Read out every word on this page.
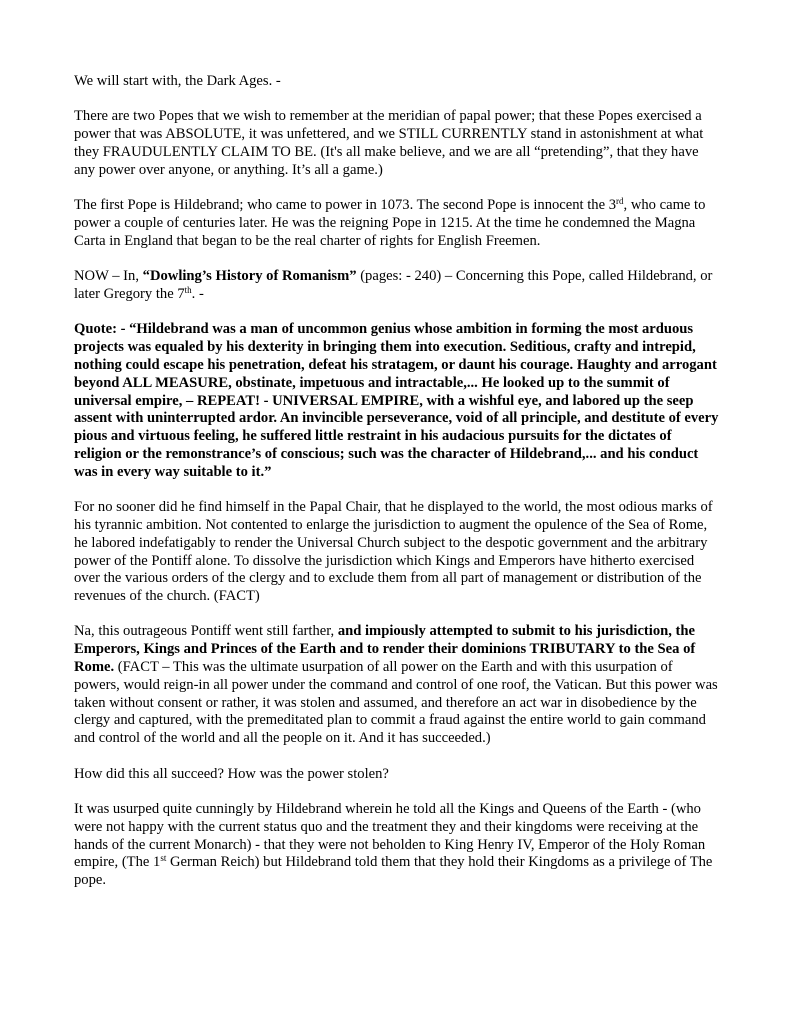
We will start with, the Dark Ages. -

There are two Popes that we wish to remember at the meridian of papal power; that these Popes exercised a power that was ABSOLUTE, it was unfettered, and we STILL CURRENTLY stand in astonishment at what they FRAUDULENTLY CLAIM TO BE. (It's all make believe, and we are all “pretending”, that they have any power over anyone, or anything. It’s all a game.)

The first Pope is Hildebrand; who came to power in 1073. The second Pope is innocent the 3rd, who came to power a couple of centuries later. He was the reigning Pope in 1215. At the time he condemned the Magna Carta in England that began to be the real charter of rights for English Freemen.

NOW – In, “Dowling’s History of Romanism” (pages: - 240) – Concerning this Pope, called Hildebrand, or later Gregory the 7th. -

Quote: - “Hildebrand was a man of uncommon genius whose ambition in forming the most arduous projects was equaled by his dexterity in bringing them into execution. Seditious, crafty and intrepid, nothing could escape his penetration, defeat his stratagem, or daunt his courage. Haughty and arrogant beyond ALL MEASURE, obstinate, impetuous and intractable,... He looked up to the summit of universal empire, – REPEAT! - UNIVERSAL EMPIRE, with a wishful eye, and labored up the seep assent with uninterrupted ardor. An invincible perseverance, void of all principle, and destitute of every pious and virtuous feeling, he suffered little restraint in his audacious pursuits for the dictates of religion or the remonstrance’s of conscious; such was the character of Hildebrand,... and his conduct was in every way suitable to it.”

For no sooner did he find himself in the Papal Chair, that he displayed to the world, the most odious marks of his tyrannic ambition. Not contented to enlarge the jurisdiction to augment the opulence of the Sea of Rome, he labored indefatigably to render the Universal Church subject to the despotic government and the arbitrary power of the Pontiff alone. To dissolve the jurisdiction which Kings and Emperors have hitherto exercised over the various orders of the clergy and to exclude them from all part of management or distribution of the revenues of the church. (FACT)

Na, this outrageous Pontiff went still farther, and impiously attempted to submit to his jurisdiction, the Emperors, Kings and Princes of the Earth and to render their dominions TRIBUTARY to the Sea of Rome. (FACT – This was the ultimate usurpation of all power on the Earth and with this usurpation of powers, would reign-in all power under the command and control of one roof, the Vatican. But this power was taken without consent or rather, it was stolen and assumed, and therefore an act war in disobedience by the clergy and captured, with the premeditated plan to commit a fraud against the entire world to gain command and control of the world and all the people on it. And it has succeeded.)

How did this all succeed? How was the power stolen?

It was usurped quite cunningly by Hildebrand wherein he told all the Kings and Queens of the Earth - (who were not happy with the current status quo and the treatment they and their kingdoms were receiving at the hands of the current Monarch) - that they were not beholden to King Henry IV, Emperor of the Holy Roman empire, (The 1st German Reich) but Hildebrand told them that they hold their Kingdoms as a privilege of The pope.
